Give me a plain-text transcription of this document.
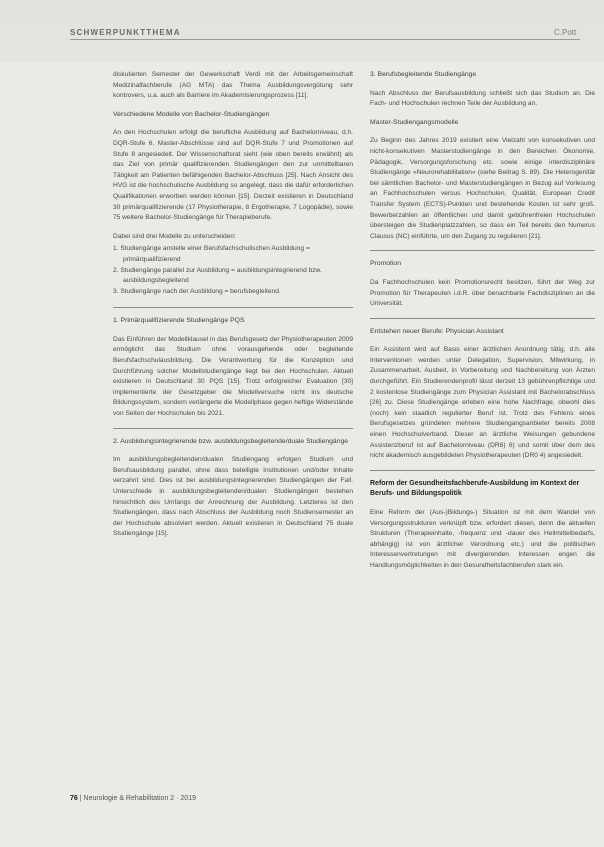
SCHWERPUNKTTHEMA	C.Pott

diskutierten Semester der Gewerkschaft Verdi mit der Arbeitsgemeinschaft Medizinalfachberufe (AG MTA) das Thema Ausbildungsvergütung sehr kontrovers, u.a. auch als Barriere im Akademisierungsprozess [11].

Verschiedene Modelle von Bachelor-Studiengängen

An den Hochschulen erfolgt die berufliche Ausbildung auf Bachelorniveau, d.h. DQR-Stufe 6. Master-Abschlüsse sind auf DQR-Stufe 7 und Promotionen auf Stufe 8 angesiedelt. Der Wissenschaftsrat sieht (wie oben bereits erwähnt) als das Ziel von primär qualifizierenden Studiengängen den zur unmittelbaren Tätigkeit am Patienten befähigenden Bachelor-Abschluss [25]. Nach Ansicht des HVG ist die hochschulische Ausbildung so angelegt, dass die dafür erforderlichen Qualifikationen erworben werden können [15]. Derzeit existieren in Deutschland 30 primärqualifizierende (17 Physiotherapie, 8 Ergotherapie, 7 Logopädie), sowie 75 weitere Bachelor-Studiengänge für Therapieberufe.

Dabei sind drei Modelle zu unterscheiden:

1. Studiengänge anstelle einer Berufsfachschulischen Ausbildung = primärqualifizierend

2. Studiengänge parallel zur Ausbildung = ausbildungsintegrierend bzw. ausbildungsbegleitend

3. Studiengänge nach der Ausbildung = berufsbegleitend.

1. Primärqualifizierende Studiengänge PQS

Das Einführen der Modellklausel in das Berufsgesetz der Physiotherapeuten 2009 ermöglicht das Studium ohne vorausgehende oder begleitende Berufsfachschulausbildung. Die Verantwortung für die Konzeption und Durchführung solcher Modellstudiengänge liegt bei den Hochschulen. Aktuell existieren in Deutschland 30 PQS [15]. Trotz erfolgreicher Evaluation [30] implementierte der Gesetzgeber die Modellversuche nicht ins deutsche Bildungssystem, sondern verlängerte die Modellphase gegen heftige Widerstände von Seiten der Hochschulen bis 2021.

2. Ausbildungsintegrierende bzw. ausbildungsbegleitende/duale Studiengänge

Im ausbildungsbegleitenden/dualen Studiengang erfolgen Studium und Berufsausbildung parallel, ohne dass beteiligte Institutionen und/oder Inhalte verzahnt sind. Dies ist bei ausbildungsintegrierenden Studiengängen der Fall. Unterschiede in ausbildungsbegleitenden/dualen Studiengängen bestehen hinsichtlich des Umfangs der Anrechnung der Ausbildung. Letzteres ist den Studiengängen, dass nach Abschluss der Ausbildung noch Studiensemester an der Hochschule absolviert werden. Aktuell existieren in Deutschland 75 duale Studiengänge [15].

3. Berufsbegleitende Studiengänge

Nach Abschluss der Berufsausbildung schließt sich das Studium an. Die Fach- und Hochschulen rechnen Teile der Ausbildung an.

Master-Studiengangsmodelle

Zu Beginn des Jahres 2019 existiert eine Vielzahl von konsekutiven und nicht-konsekutiven Masterstudiengänge in den Bereichen Ökonomie, Pädagogik, Versorgungsforschung etc. sowie einige interdisziplinäre Studiengänge »Neurorehabilitation« (siehe Beitrag S. 89). Die Heterogenität bei sämtlichen Bachelor- und Masterstudiengängen in Bezug auf Vorlesung an Fachhochschulen versus Hochschulen, Qualität, European Credit Transfer System (ECTS)-Punkten und bestehende Kosten ist sehr groß. Bewerberzahlen an öffentlichen und damit gebührenfreien Hochschulen übersteigen die Studienplatzzahlen, so dass ein Teil bereits den Numerus Clausus (NC) einführte, um den Zugang zu regulieren [21].

Promotion

Da Fachhochschulen kein Promotionsrecht besitzen, führt der Weg zur Promotion für Therapeuten i.d.R. über benachbarte Fachdisziplinen an die Universität.

Entstehen neuer Berufe: Physician Assistant

Ein Assistent wird auf Basis einer ärztlichen Anordnung tätig, d.h. alle Interventionen werden unter Delegation, Supervision, Mitwirkung, in Zusammenarbeit. Ausbeit, in Vorbereitung und Nachbereitung von Ärzten durchgeführt. Ein Studierendenprofil lässt derzeit 13 gebührenpflichtige und 2 kostenlose Studiengänge zum Physician Assistant mit Bachelorabschluss [26] zu. Diese Studiengänge erleben eine hohe Nachfrage, obwohl dies (noch) kein staatlich regulierter Beruf ist. Trotz des Fehlens eines Berufsgesetzes gründeten mehrere Studiengangsanbieter bereits 2008 einen Hochschulverband. Dieser an ärztliche Weisungen gebundene Assistenzberuf ist auf Bachelorniveau (DR6) 6) und somit über dem des nicht akademisch ausgebildeten Physiotherapeuten (DR0 4) angesiedelt.

Reform der Gesundheitsfachberufe-Ausbildung im Kontext der Berufs- und Bildungspolitik

Eine Reform der (Aus-)Bildungs-) Situation ist mit dem Wandel von Versorgungsstrukturen verknüpft bzw. erfordert diesen, denn die aktuellen Strukturen (Therapieinhalte, -frequenz und -dauer des Heilmittelbedarfs, abhängig) ist von ärztlicher Verordnung etc.) und die politischen Interessenvertretungen mit divergierenden Interessen engen die Handlungsmöglichkeiten in den Gesundheitsfachberufen stark ein.

76 | Neurologie & Rehabilitation 2 · 2019
